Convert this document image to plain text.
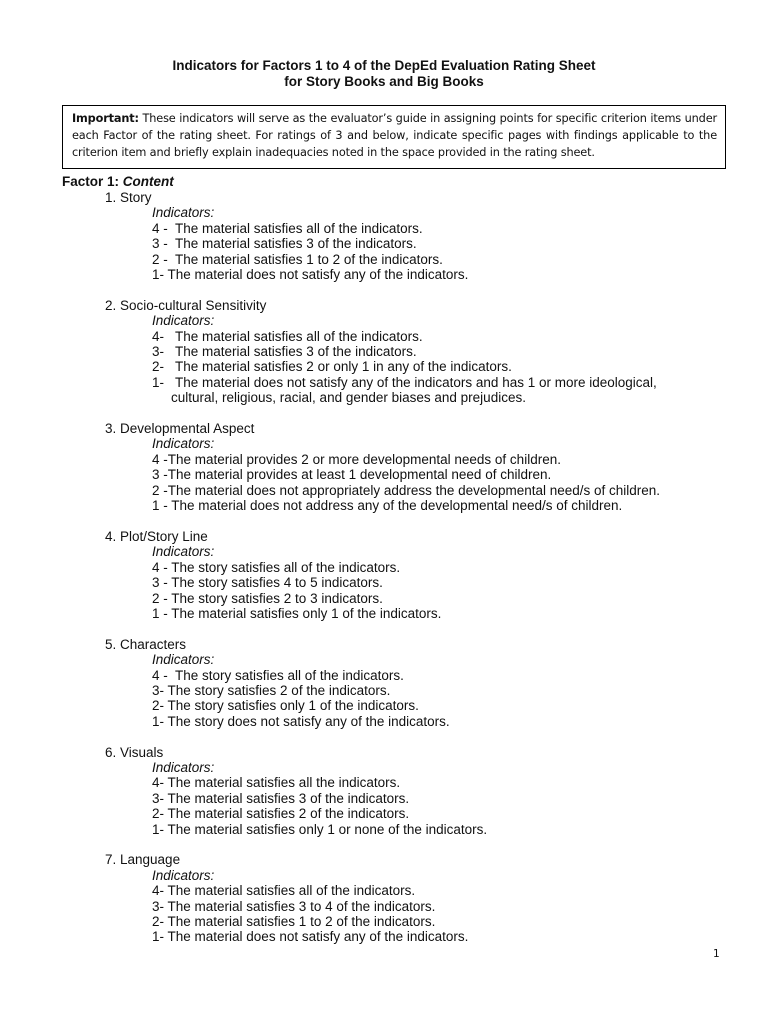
Indicators for Factors 1 to 4 of the DepEd Evaluation Rating Sheet
for Story Books and Big Books
Important: These indicators will serve as the evaluator’s guide in assigning points for specific criterion items under each Factor of the rating sheet. For ratings of 3 and below, indicate specific pages with findings applicable to the criterion item and briefly explain inadequacies noted in the space provided in the rating sheet.
Factor 1: Content
1. Story
Indicators:
4 -  The material satisfies all of the indicators.
3 -  The material satisfies 3 of the indicators.
2 -  The material satisfies 1 to 2 of the indicators.
1- The material does not satisfy any of the indicators.
2. Socio-cultural Sensitivity
Indicators:
4-   The material satisfies all of the indicators.
3-   The material satisfies 3 of the indicators.
2-   The material satisfies 2 or only 1 in any of the indicators.
1-   The material does not satisfy any of the indicators and has 1 or more ideological,
cultural, religious, racial, and gender biases and prejudices.
3. Developmental Aspect
Indicators:
4 -The material provides 2 or more developmental needs of children.
3 -The material provides at least 1 developmental need of children.
2 -The material does not appropriately address the developmental need/s of children.
1 - The material does not address any of the developmental need/s of children.
4. Plot/Story Line
Indicators:
4 - The story satisfies all of the indicators.
3 - The story satisfies 4 to 5 indicators.
2 - The story satisfies 2 to 3 indicators.
1 - The material satisfies only 1 of the indicators.
5. Characters
Indicators:
4 -  The story satisfies all of the indicators.
3- The story satisfies 2 of the indicators.
2- The story satisfies only 1 of the indicators.
1- The story does not satisfy any of the indicators.
6. Visuals
Indicators:
4- The material satisfies all the indicators.
3- The material satisfies 3 of the indicators.
2- The material satisfies 2 of the indicators.
1- The material satisfies only 1 or none of the indicators.
7. Language
Indicators:
4- The material satisfies all of the indicators.
3- The material satisfies 3 to 4 of the indicators.
2- The material satisfies 1 to 2 of the indicators.
1- The material does not satisfy any of the indicators.
1
